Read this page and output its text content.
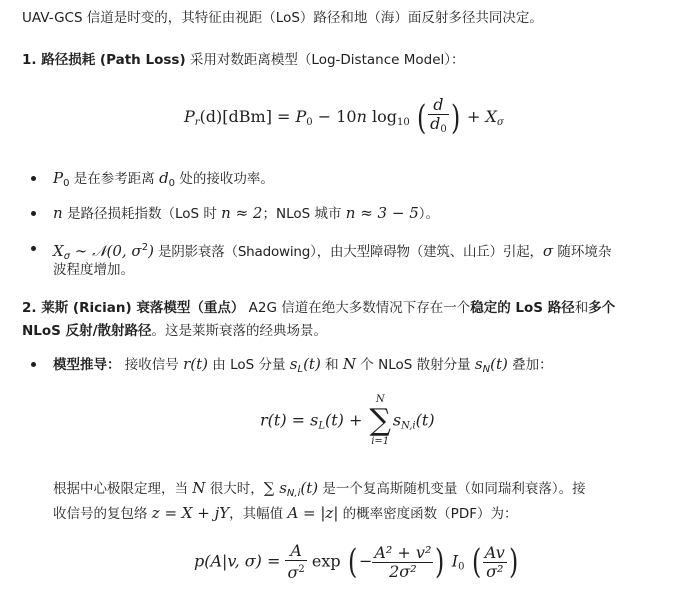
UAV-GCS 信道是时变的，其特征由视距（LoS）路径和地（海）面反射多径共同决定。
1. 路径损耗 (Path Loss) 采用对数距离模型（Log-Distance Model）：
$P_r(d)[dBm] = P0 - 10n$ log10 ( $\frac{d}{d0}$ ) + $X_\sigma$
$P_0$ 是在参考距离 $d_0$ 处的接收功率。
n 是路径损耗指数（LoS 时 n ≈ 2；NLoS 城市 n ≈ 3 − 5）。
$X_\sigma$ ∼ 𝒩(0, $\sigma^2$) 是阴影衰落（Shadowing），由大型障碍物（建筑、山丘）引起，σ 随环境杂
波程度增加。
2. 莱斯 (Rician) 衰落模型（重点） A2G 信道在绝大多数情况下存在一个稳定的 LoS 路径和多个
NLoS 反射/散射路径。这是莱斯衰落的经典场景。
模型推导： 接收信号 r(t) 由 LoS 分量 $s_L(t)$ 和 N 个 NLoS 散射分量 $s_N(t)$ 叠加：
$r(t) = s_L(t)$ +
N
∑
i=1
$s_{N,i}(t)$
根据中心极限定理，当 N 很大时，∑ $s_{N,i}(t)$ 是一个复高斯随机变量（如同瑞利衰落）。接
收信号的复包络 z = X + jY，其幅值 A = |z| 的概率密度函数（PDF）为：
p(A|v, $\sigma) = \frac{A}{\sigma^2}$ exp ( − $\frac{\text{A² + v²}}{\text{2σ²}}$ ) I0 ( $\frac{Av}{\text{σ²}}$ )
